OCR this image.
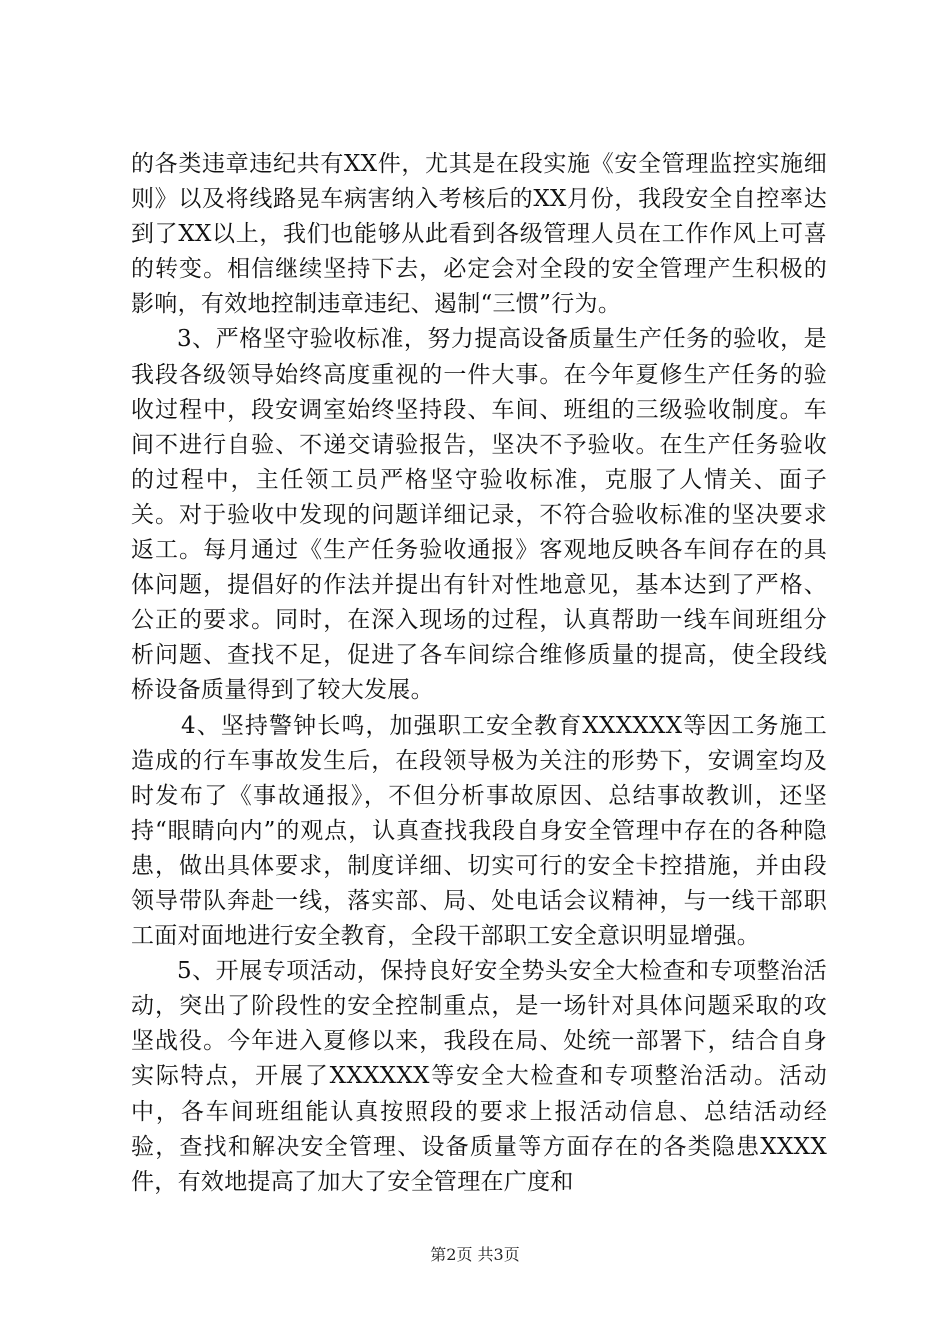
的各类违章违纪共有XX件，尤其是在段实施《安全管理监控实施细则》以及将线路晃车病害纳入考核后的XX月份，我段安全自控率达到了XX以上，我们也能够从此看到各级管理人员在工作作风上可喜的转变。相信继续坚持下去，必定会对全段的安全管理产生积极的影响，有效地控制违章违纪、遏制“三惯”行为。

3、严格坚守验收标准，努力提高设备质量生产任务的验收，是我段各级领导始终高度重视的一件大事。在今年夏修生产任务的验收过程中，段安调室始终坚持段、车间、班组的三级验收制度。车间不进行自验、不递交请验报告，坚决不予验收。在生产任务验收的过程中，主任领工员严格坚守验收标准，克服了人情关、面子关。对于验收中发现的问题详细记录，不符合验收标准的坚决要求返工。每月通过《生产任务验收通报》客观地反映各车间存在的具体问题，提倡好的作法并提出有针对性地意见，基本达到了严格、公正的要求。同时，在深入现场的过程，认真帮助一线车间班组分析问题、查找不足，促进了各车间综合维修质量的提高，使全段线桥设备质量得到了较大发展。

4、坚持警钟长鸣，加强职工安全教育XXXXXX等因工务施工造成的行车事故发生后，在段领导极为关注的形势下，安调室均及时发布了《事故通报》，不但分析事故原因、总结事故教训，还坚持“眼睛向内”的观点，认真查找我段自身安全管理中存在的各种隐患，做出具体要求，制度详细、切实可行的安全卡控措施，并由段领导带队奔赴一线，落实部、局、处电话会议精神，与一线干部职工面对面地进行安全教育，全段干部职工安全意识明显增强。

5、开展专项活动，保持良好安全势头安全大检查和专项整治活动，突出了阶段性的安全控制重点，是一场针对具体问题采取的攻坚战役。今年进入夏修以来，我段在局、处统一部署下，结合自身实际特点，开展了XXXXXX等安全大检查和专项整治活动。活动中，各车间班组能认真按照段的要求上报活动信息、总结活动经验，查找和解决安全管理、设备质量等方面存在的各类隐患XXXX件，有效地提高了加大了安全管理在广度和

第2页 共3页
